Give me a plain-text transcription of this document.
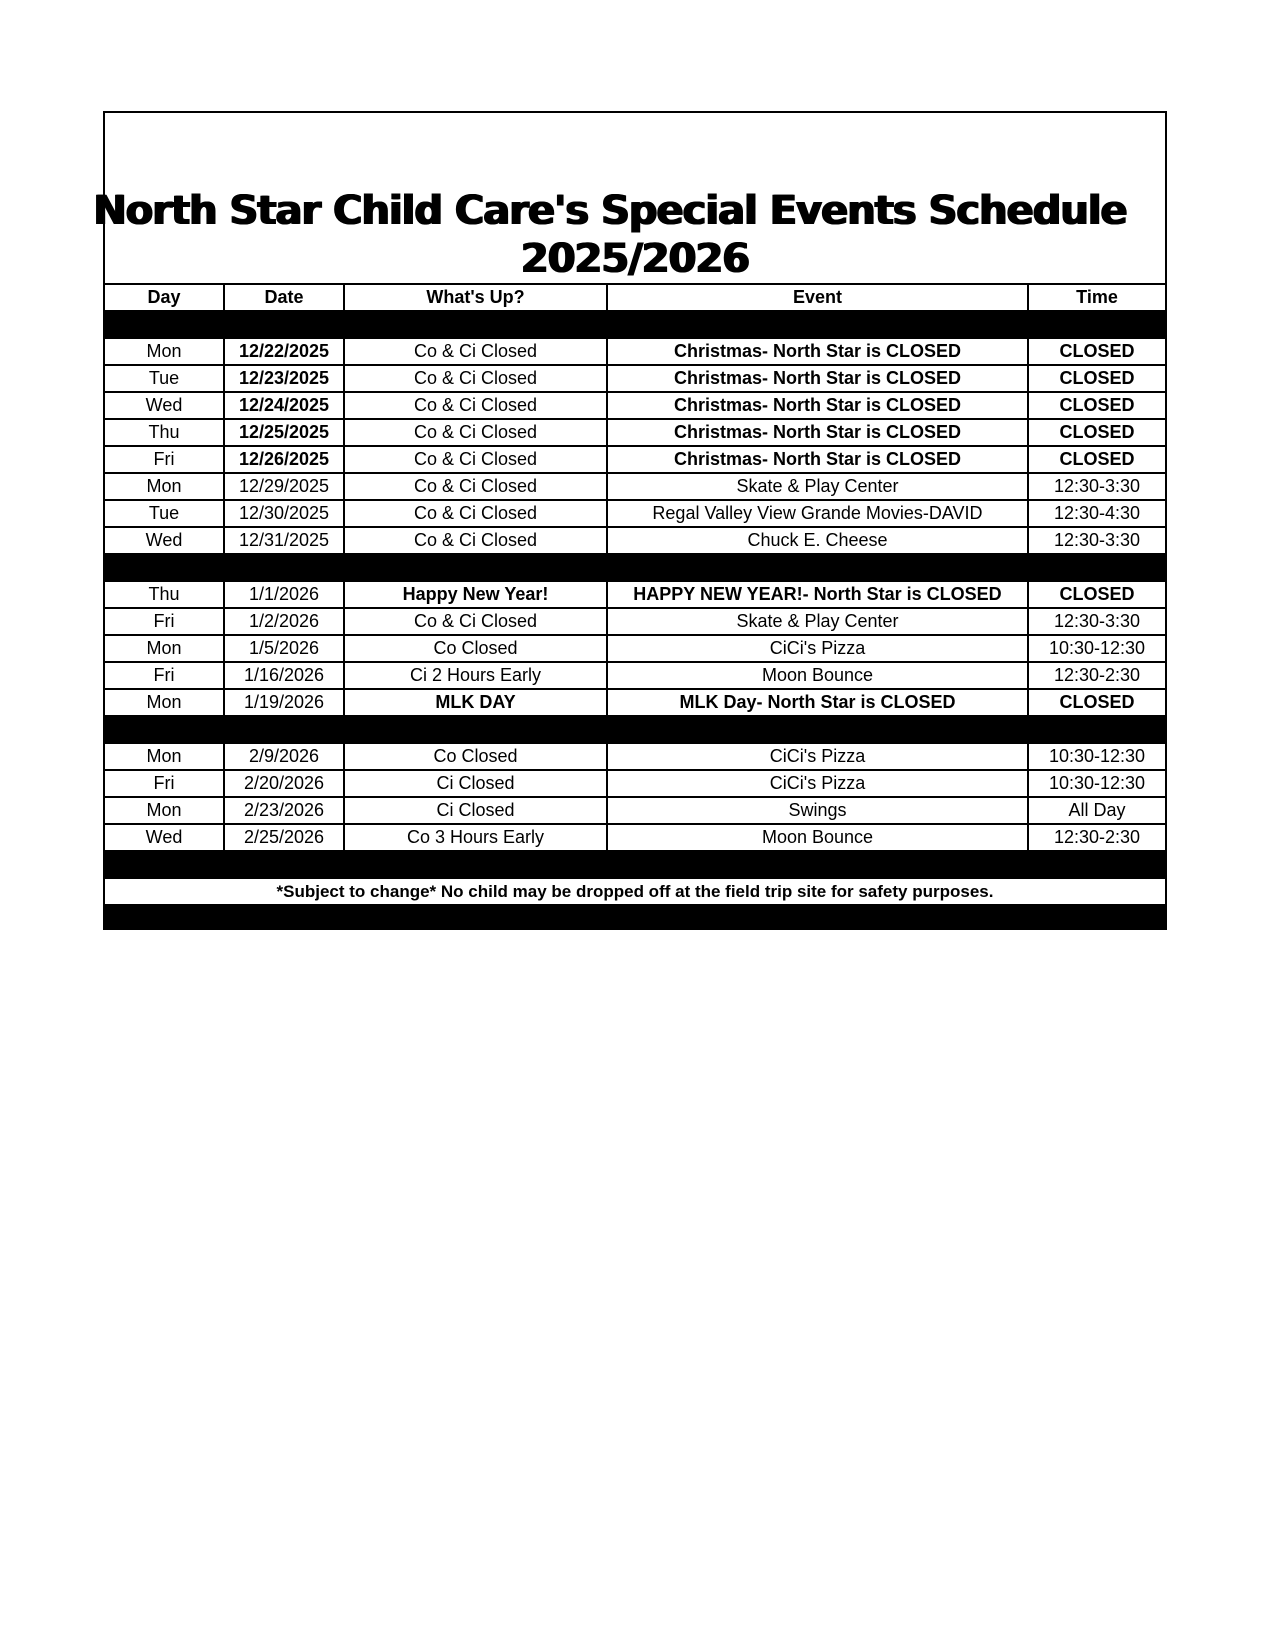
North Star Child Care's Special Events Schedule
2025/2026
Day	Date	What's Up?	Event	Time

Mon	12/22/2025	Co & Ci Closed	Christmas- North Star is CLOSED	CLOSED
Tue	12/23/2025	Co & Ci Closed	Christmas- North Star is CLOSED	CLOSED
Wed	12/24/2025	Co & Ci Closed	Christmas- North Star is CLOSED	CLOSED
Thu	12/25/2025	Co & Ci Closed	Christmas- North Star is CLOSED	CLOSED
Fri	12/26/2025	Co & Ci Closed	Christmas- North Star is CLOSED	CLOSED
Mon	12/29/2025	Co & Ci Closed	Skate & Play Center	12:30-3:30
Tue	12/30/2025	Co & Ci Closed	Regal Valley View Grande Movies-DAVID	12:30-4:30
Wed	12/31/2025	Co & Ci Closed	Chuck E. Cheese	12:30-3:30

Thu	1/1/2026	Happy New Year!	HAPPY NEW YEAR!- North Star is CLOSED	CLOSED
Fri	1/2/2026	Co & Ci Closed	Skate & Play Center	12:30-3:30
Mon	1/5/2026	Co Closed	CiCi's Pizza	10:30-12:30
Fri	1/16/2026	Ci 2 Hours Early	Moon Bounce	12:30-2:30
Mon	1/19/2026	MLK DAY	MLK Day- North Star is CLOSED	CLOSED

Mon	2/9/2026	Co Closed	CiCi's Pizza	10:30-12:30
Fri	2/20/2026	Ci Closed	CiCi's Pizza	10:30-12:30
Mon	2/23/2026	Ci Closed	Swings	All Day
Wed	2/25/2026	Co 3 Hours Early	Moon Bounce	12:30-2:30

*Subject to change* No child may be dropped off at the field trip site for safety purposes.				
